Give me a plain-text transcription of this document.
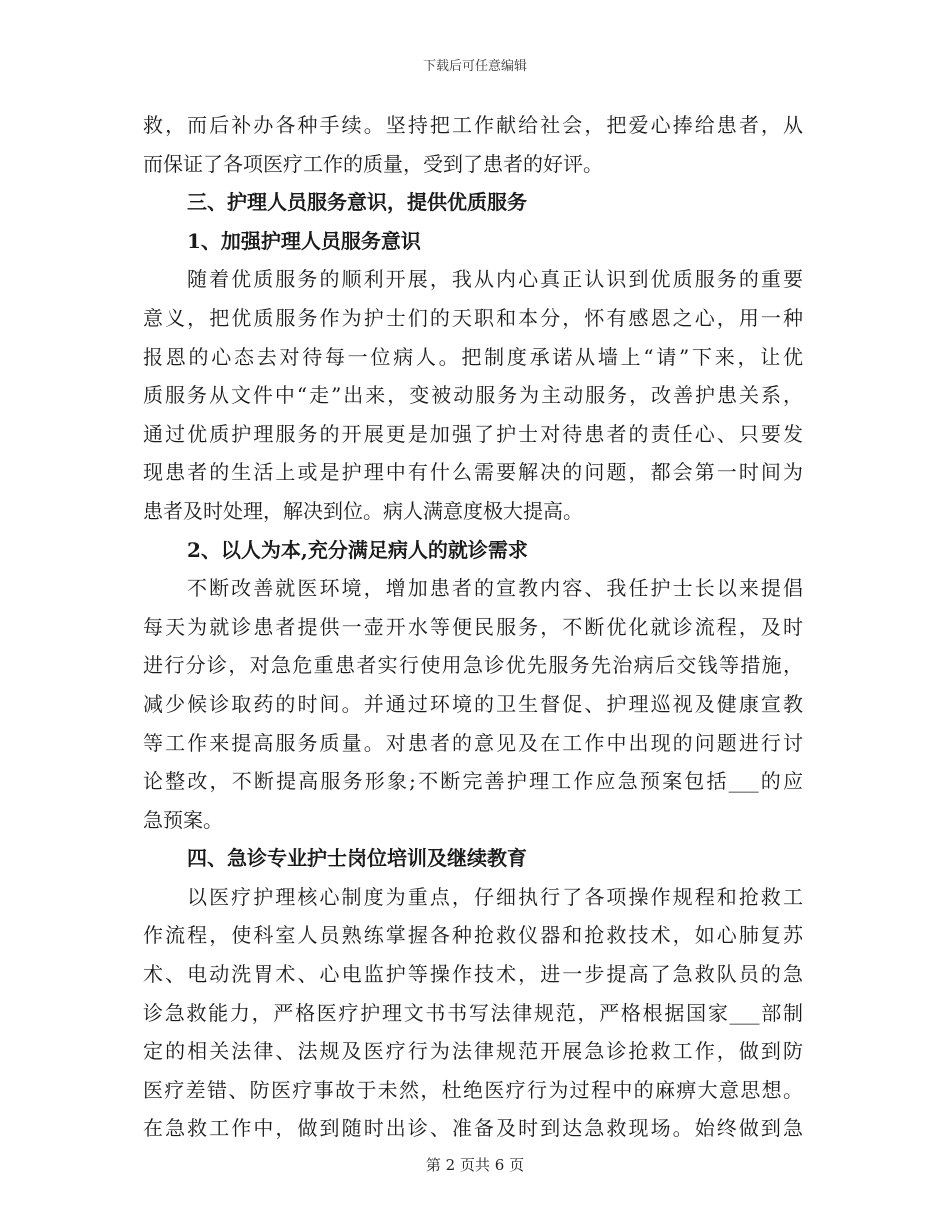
下载后可任意编辑
救，而后补办各种手续。坚持把工作献给社会，把爱心捧给患者，从
而保证了各项医疗工作的质量，受到了患者的好评。
三、护理人员服务意识，提供优质服务
1、加强护理人员服务意识
随着优质服务的顺利开展，我从内心真正认识到优质服务的重要
意义，把优质服务作为护士们的天职和本分，怀有感恩之心，用一种
报恩的心态去对待每一位病人。把制度承诺从墙上“请”下来，让优
质服务从文件中“走”出来，变被动服务为主动服务，改善护患关系，
通过优质护理服务的开展更是加强了护士对待患者的责任心、只要发
现患者的生活上或是护理中有什么需要解决的问题，都会第一时间为
患者及时处理，解决到位。病人满意度极大提高。
2、以人为本,充分满足病人的就诊需求
不断改善就医环境，增加患者的宣教内容、我任护士长以来提倡
每天为就诊患者提供一壶开水等便民服务，不断优化就诊流程，及时
进行分诊，对急危重患者实行使用急诊优先服务先治病后交钱等措施，
减少候诊取药的时间。并通过环境的卫生督促、护理巡视及健康宣教
等工作来提高服务质量。对患者的意见及在工作中出现的问题进行讨
论整改，不断提高服务形象;不断完善护理工作应急预案包括___的应
急预案。
四、急诊专业护士岗位培训及继续教育
以医疗护理核心制度为重点，仔细执行了各项操作规程和抢救工
作流程，使科室人员熟练掌握各种抢救仪器和抢救技术，如心肺复苏
术、电动洗胃术、心电监护等操作技术，进一步提高了急救队员的急
诊急救能力，严格医疗护理文书书写法律规范，严格根据国家___部制
定的相关法律、法规及医疗行为法律规范开展急诊抢救工作，做到防
医疗差错、防医疗事故于未然，杜绝医疗行为过程中的麻痹大意思想。
在急救工作中，做到随时出诊、准备及时到达急救现场。始终做到急
第 2 页共 6 页
